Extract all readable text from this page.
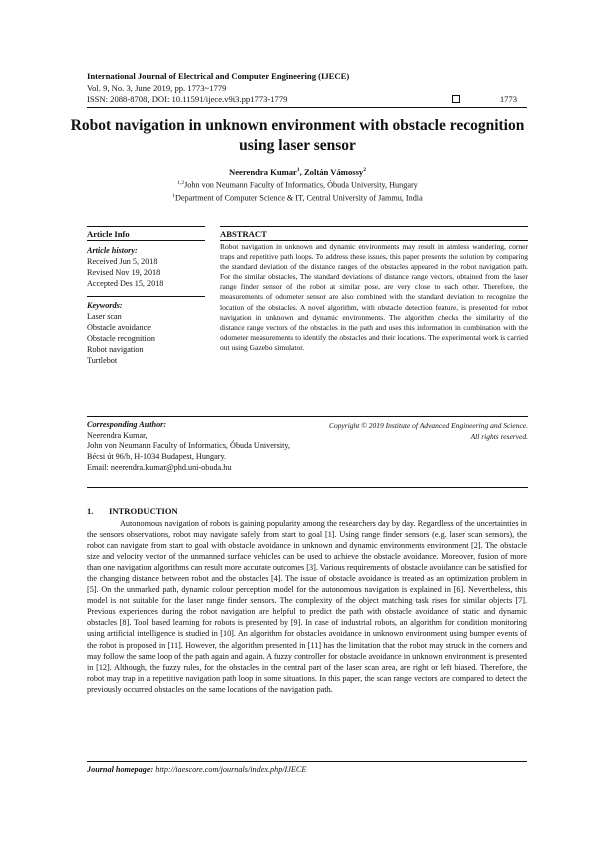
International Journal of Electrical and Computer Engineering (IJECE)
Vol. 9, No. 3, June 2019, pp. 1773~1779
ISSN: 2088-8708, DOI: 10.11591/ijece.v9i3.pp1773-1779	1773
Robot navigation in unknown environment with obstacle recognition using laser sensor
Neerendra Kumar$^1$, Zoltán Vámossy$^2$
$^{1,2}$John von Neumann Faculty of Informatics, Óbuda University, Hungary
$^1$Department of Computer Science & IT, Central University of Jammu, India
Article Info	ABSTRACT
Article history:
Received Jun 5, 2018
Revised Nov 19, 2018
Accepted Des 15, 2018
Keywords:
Laser scan
Obstacle avoidance
Obstacle recognition
Robot navigation
Turtlebot
Robot navigation in unknown and dynamic environments may result in aimless wandering, corner traps and repetitive path loops. To address these issues, this paper presents the solution by comparing the standard deviation of the distance ranges of the obstacles appeared in the robot navigation path. For the similar obstacles, The standard deviations of distance range vectors, obtained from the laser range finder sensor of the robot at similar pose, are very close to each other. Therefore, the measurements of odometer sensor are also combined with the standard deviation to recognize the location of the obstacles. A novel algorithm, with obstacle detection feature, is presented for robot navigation in unknown and dynamic environments. The algorithm checks the similarity of the distance range vectors of the obstacles in the path and uses this information in combination with the odometer measurements to identify the obstacles and their locations. The experimental work is carried out using Gazebo simulator.
Copyright © 2019 Institute of Advanced Engineering and Science.
All rights reserved.
Corresponding Author:
Neerendra Kumar,
John von Neumann Faculty of Informatics, Óbuda University,
Bécsi út 96/b, H-1034 Budapest, Hungary.
Email: neerendra.kumar@phd.uni-obuda.hu
1. INTRODUCTION
Autonomous navigation of robots is gaining popularity among the researchers day by day. Regardless of the uncertainties in the sensors observations, robot may navigate safely from start to goal [1]. Using range finder sensors (e.g. laser scan sensors), the robot can navigate from start to goal with obstacle avoidance in unknown and dynamic environments environment [2]. The obstacle size and velocity vector of the unmanned surface vehicles can be used to achieve the obstacle avoidance. Moreover, fusion of more than one navigation algorithms can result more accurate outcomes [3]. Various requirements of obstacle avoidance can be satisfied for the changing distance between robot and the obstacles [4]. The issue of obstacle avoidance is treated as an optimization problem in [5]. On the unmarked path, dynamic colour perception model for the autonomous navigation is explained in [6]. Nevertheless, this model is not suitable for the laser range finder sensors. The complexity of the object matching task rises for similar objects [7]. Previous experiences during the robot navigation are helpful to predict the path with obstacle avoidance of static and dynamic obstacles [8]. Tool based learning for robots is presented by [9]. In case of industrial robots, an algorithm for condition monitoring using artificial intelligence is studied in [10]. An algorithm for obstacles avoidance in unknown environment using bumper events of the robot is proposed in [11]. However, the algorithm presented in [11] has the limitation that the robot may struck in the corners and may follow the same loop of the path again and again. A fuzzy controller for obstacle avoidance in unknown environment is presented in [12]. Although, the fuzzy rules, for the obstacles in the central part of the laser scan area, are right or left biased. Therefore, the robot may trap in a repetitive navigation path loop in some situations. In this paper, the scan range vectors are compared to detect the previously occurred obstacles on the same locations of the navigation path.
Journal homepage: http://iaescore.com/journals/index.php/IJECE
